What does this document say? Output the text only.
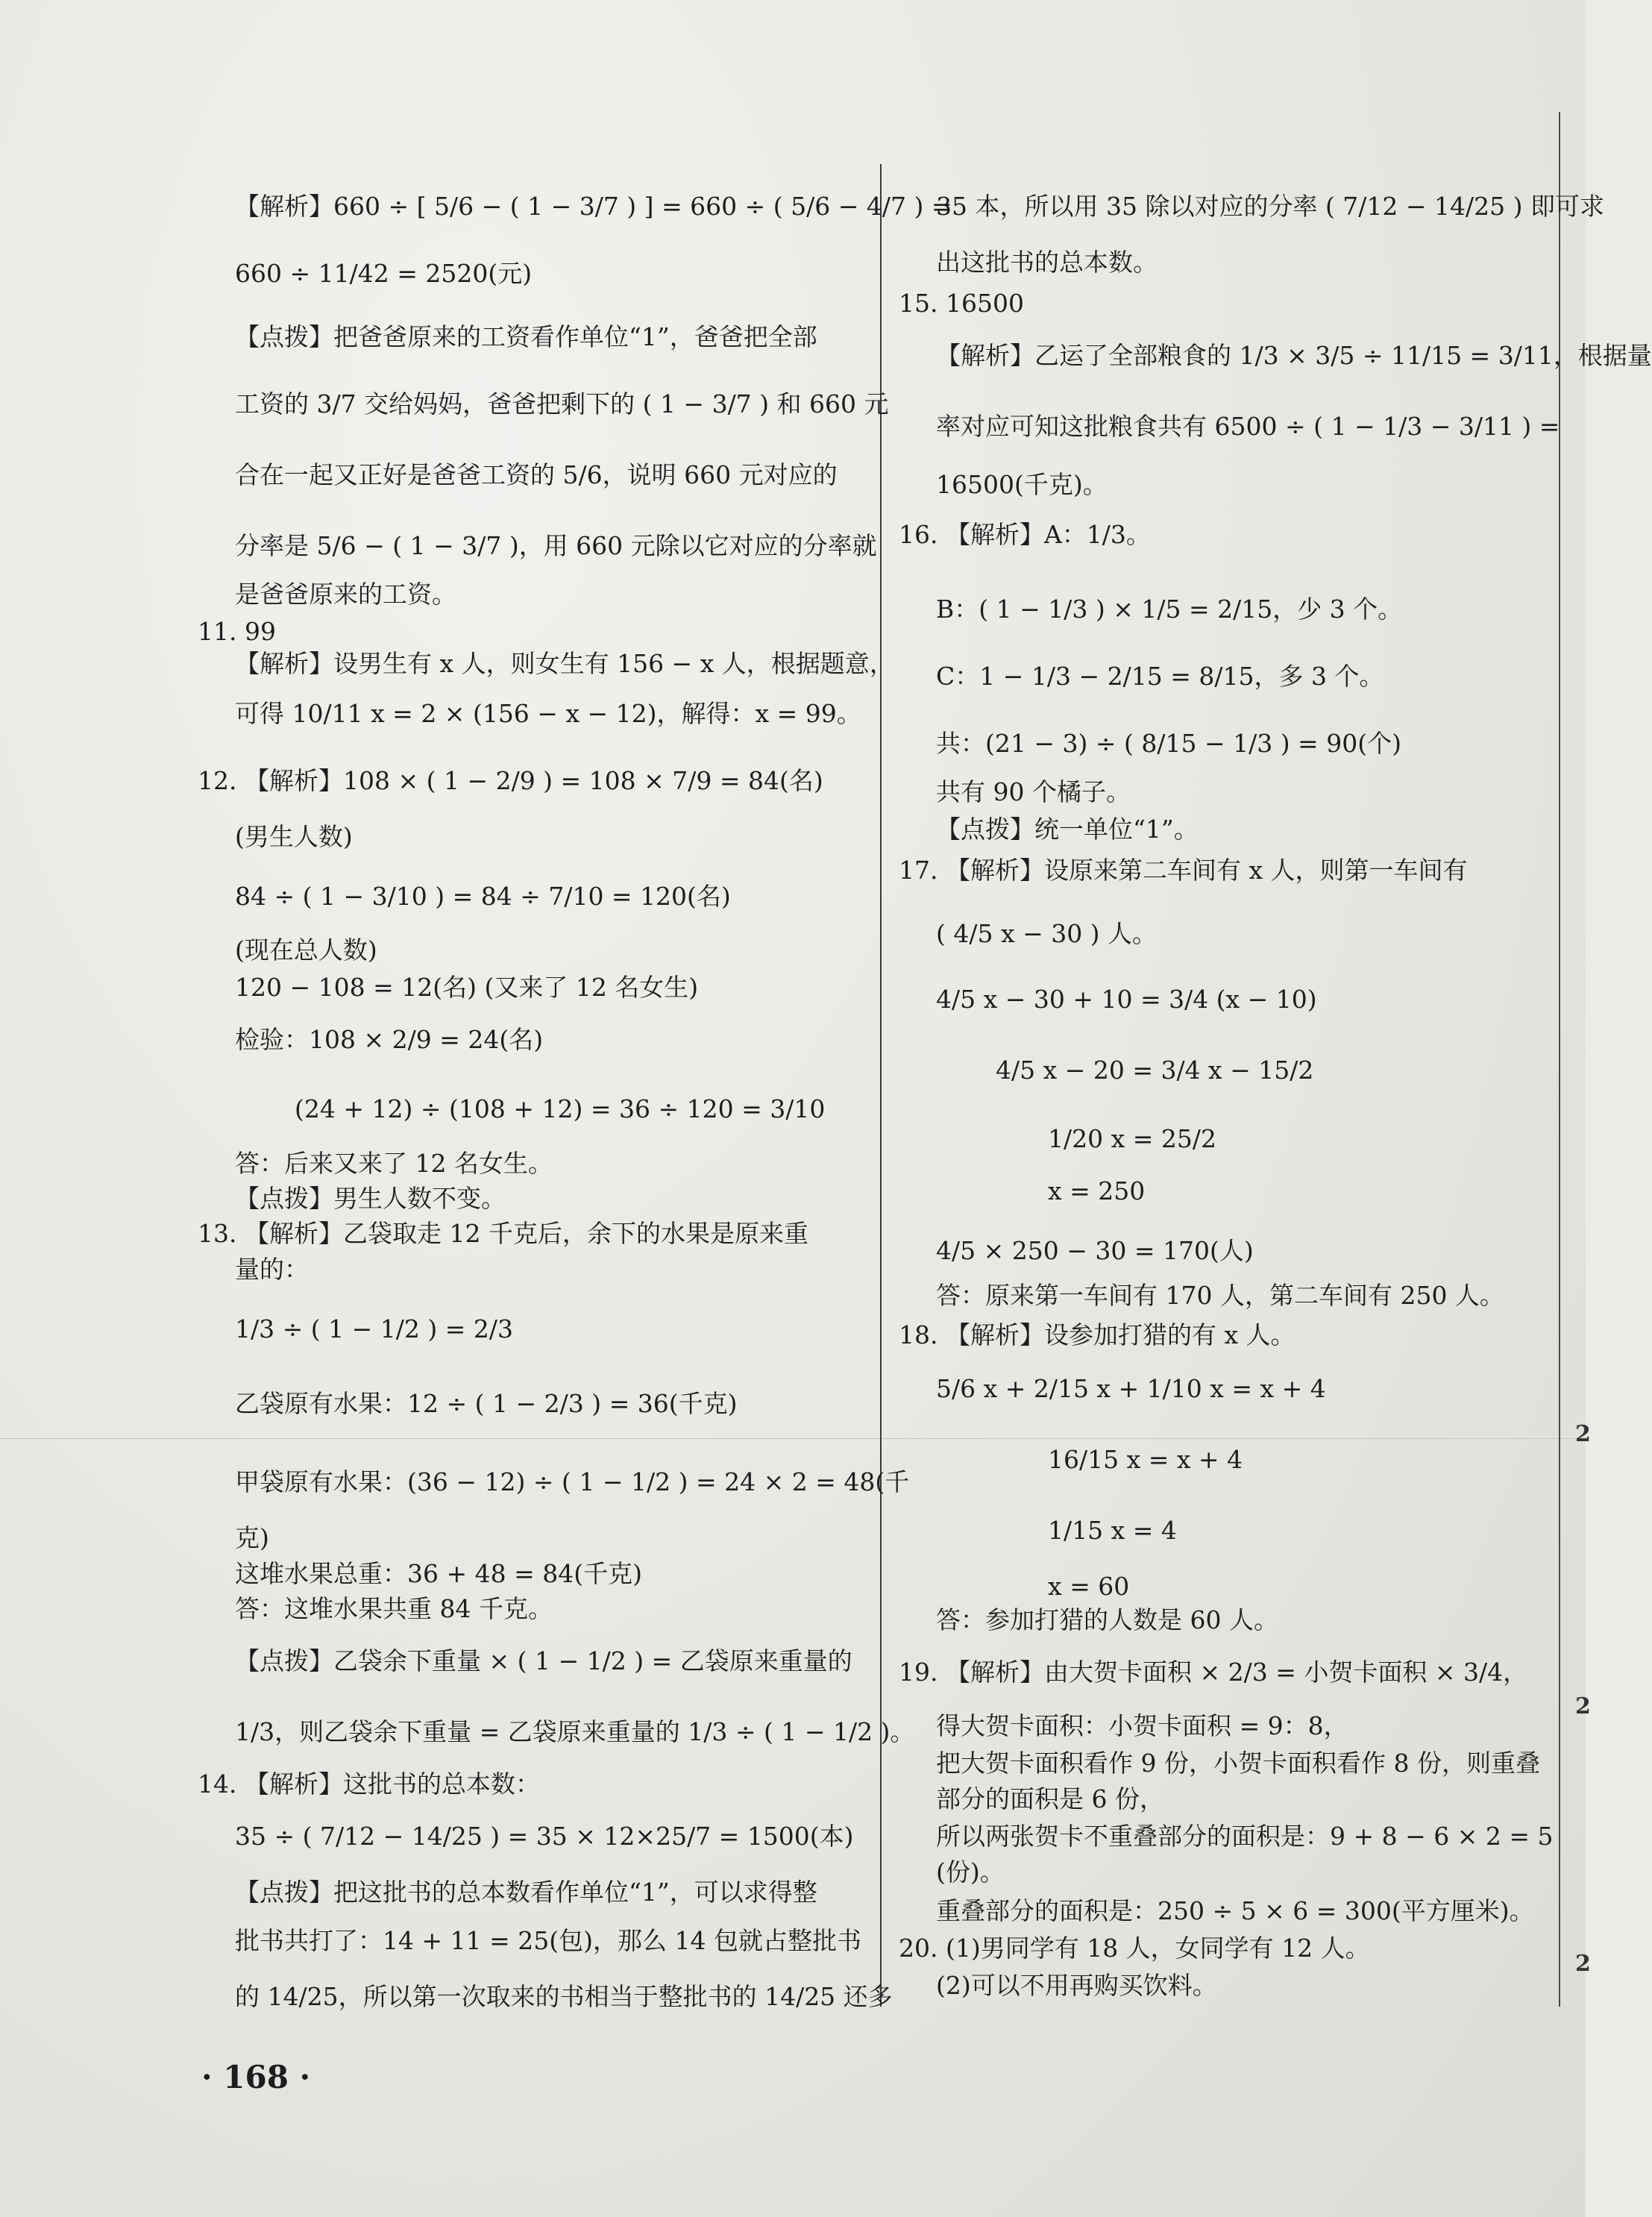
【解析】660 ÷ [ 5/6 − ( 1 − 3/7 ) ] = 660 ÷ ( 5/6 − 4/7 ) =
660 ÷ 11/42 = 2520(元)
【点拨】把爸爸原来的工资看作单位“1”，爸爸把全部
工资的 3/7 交给妈妈，爸爸把剩下的 ( 1 − 3/7 ) 和 660 元
合在一起又正好是爸爸工资的 5/6，说明 660 元对应的
分率是 5/6 − ( 1 − 3/7 )，用 660 元除以它对应的分率就
是爸爸原来的工资。
11. 99
【解析】设男生有 x 人，则女生有 156 − x 人，根据题意，
可得 10/11 x = 2 × (156 − x − 12)，解得：x = 99。
12. 【解析】108 × ( 1 − 2/9 ) = 108 × 7/9 = 84(名)
(男生人数)
84 ÷ ( 1 − 3/10 ) = 84 ÷ 7/10 = 120(名)
(现在总人数)
120 − 108 = 12(名) (又来了 12 名女生)
检验：108 × 2/9 = 24(名)
(24 + 12) ÷ (108 + 12) = 36 ÷ 120 = 3/10
答：后来又来了 12 名女生。
【点拨】男生人数不变。
13. 【解析】乙袋取走 12 千克后，余下的水果是原来重
量的：
1/3 ÷ ( 1 − 1/2 ) = 2/3
乙袋原有水果：12 ÷ ( 1 − 2/3 ) = 36(千克)
甲袋原有水果：(36 − 12) ÷ ( 1 − 1/2 ) = 24 × 2 = 48(千
克)
这堆水果总重：36 + 48 = 84(千克)
答：这堆水果共重 84 千克。
【点拨】乙袋余下重量 × ( 1 − 1/2 ) = 乙袋原来重量的
1/3，则乙袋余下重量 = 乙袋原来重量的 1/3 ÷ ( 1 − 1/2 )。
14. 【解析】这批书的总本数：
35 ÷ ( 7/12 − 14/25 ) = 35 × 12×25/7 = 1500(本)
【点拨】把这批书的总本数看作单位“1”，可以求得整
批书共打了：14 + 11 = 25(包)，那么 14 包就占整批书
的 14/25，所以第一次取来的书相当于整批书的 14/25 还多
35 本，所以用 35 除以对应的分率 ( 7/12 − 14/25 ) 即可求
出这批书的总本数。
15. 16500
【解析】乙运了全部粮食的 1/3 × 3/5 ÷ 11/15 = 3/11，根据量
率对应可知这批粮食共有 6500 ÷ ( 1 − 1/3 − 3/11 ) =
16500(千克)。
16. 【解析】A：1/3。
B：( 1 − 1/3 ) × 1/5 = 2/15，少 3 个。
C：1 − 1/3 − 2/15 = 8/15，多 3 个。
共：(21 − 3) ÷ ( 8/15 − 1/3 ) = 90(个)
共有 90 个橘子。
【点拨】统一单位“1”。
17. 【解析】设原来第二车间有 x 人，则第一车间有
( 4/5 x − 30 ) 人。
4/5 x − 30 + 10 = 3/4 (x − 10)
4/5 x − 20 = 3/4 x − 15/2
1/20 x = 25/2
x = 250
4/5 × 250 − 30 = 170(人)
答：原来第一车间有 170 人，第二车间有 250 人。
18. 【解析】设参加打猎的有 x 人。
5/6 x + 2/15 x + 1/10 x = x + 4
16/15 x = x + 4
1/15 x = 4
x = 60
答：参加打猎的人数是 60 人。
19. 【解析】由大贺卡面积 × 2/3 = 小贺卡面积 × 3/4，
得大贺卡面积：小贺卡面积 = 9：8，
把大贺卡面积看作 9 份，小贺卡面积看作 8 份，则重叠
部分的面积是 6 份，
所以两张贺卡不重叠部分的面积是：9 + 8 − 6 × 2 = 5
(份)。
重叠部分的面积是：250 ÷ 5 × 6 = 300(平方厘米)。
20. (1)男同学有 18 人，女同学有 12 人。
(2)可以不用再购买饮料。
2
2
2
· 168 ·
